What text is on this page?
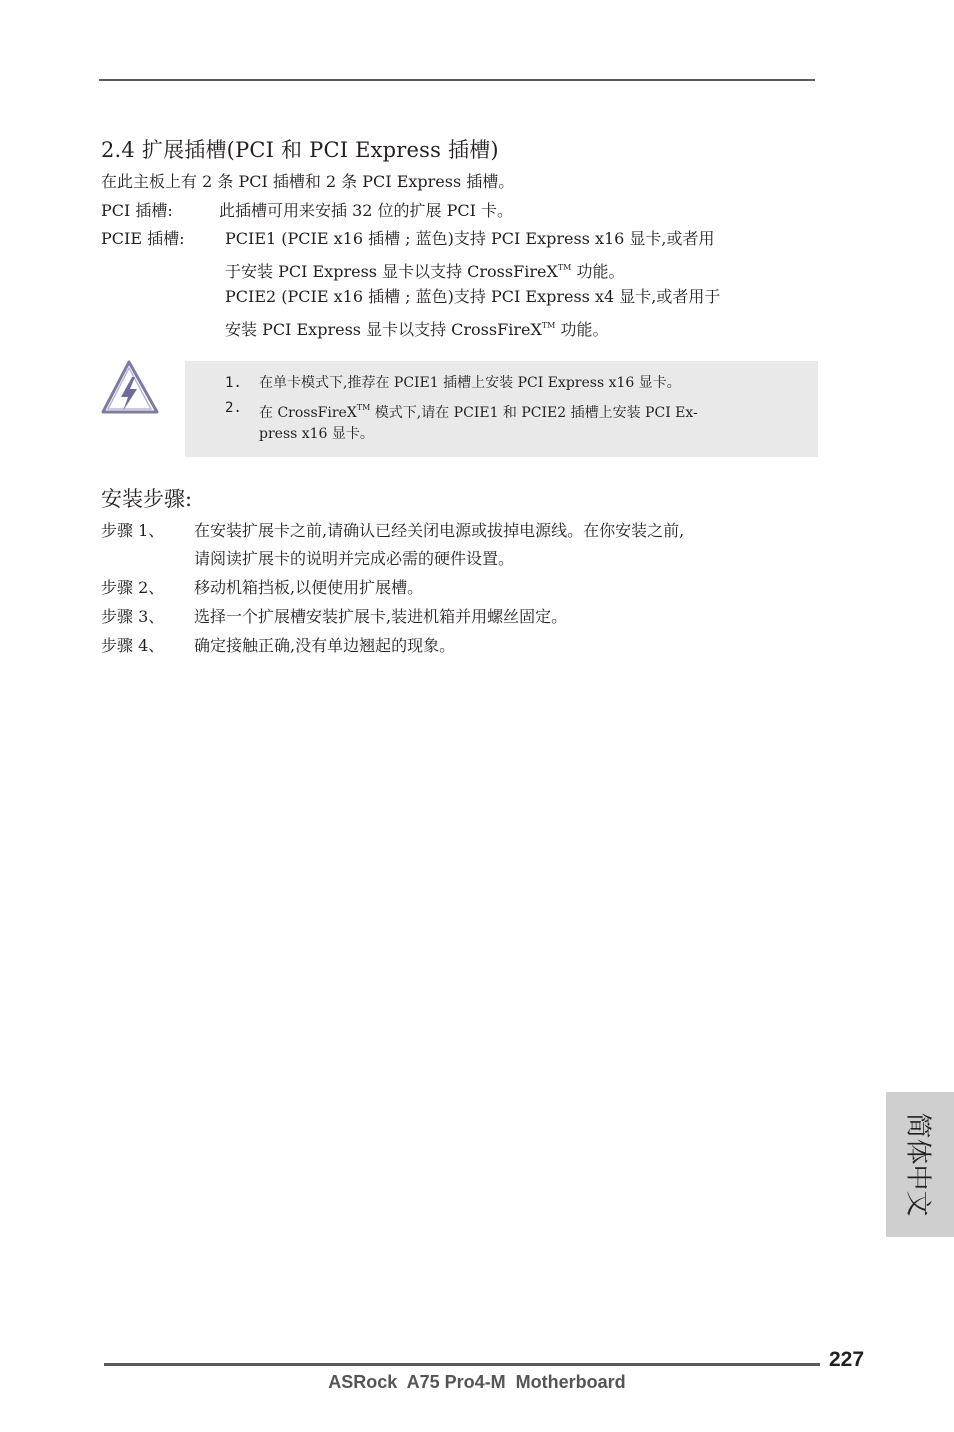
2.4 扩展插槽(PCI 和 PCI Express 插槽)
在此主板上有 2 条 PCI 插槽和 2 条 PCI Express 插槽。
PCI 插槽:	此插槽可用来安插 32 位的扩展 PCI 卡。
PCIE 插槽:	PCIE1 (PCIE x16 插槽 ; 蓝色)支持 PCI Express x16 显卡,或者用
于安装 PCI Express 显卡以支持 CrossFireX™ 功能。
PCIE2 (PCIE x16 插槽 ; 蓝色)支持 PCI Express x4 显卡,或者用于
安装 PCI Express 显卡以支持 CrossFireX™ 功能。
1. 在单卡模式下,推荐在 PCIE1 插槽上安装 PCI Express x16 显卡。
2. 在 CrossFireX™ 模式下,请在 PCIE1 和 PCIE2 插槽上安装 PCI Ex-
press x16 显卡。
安装步骤:
步骤 1、 在安装扩展卡之前,请确认已经关闭电源或拔掉电源线。在你安装之前,
请阅读扩展卡的说明并完成必需的硬件设置。
步骤 2、 移动机箱挡板,以便使用扩展槽。
步骤 3、 选择一个扩展槽安装扩展卡,装进机箱并用螺丝固定。
步骤 4、 确定接触正确,没有单边翘起的现象。
简体中文
227
ASRock  A75 Pro4-M  Motherboard
